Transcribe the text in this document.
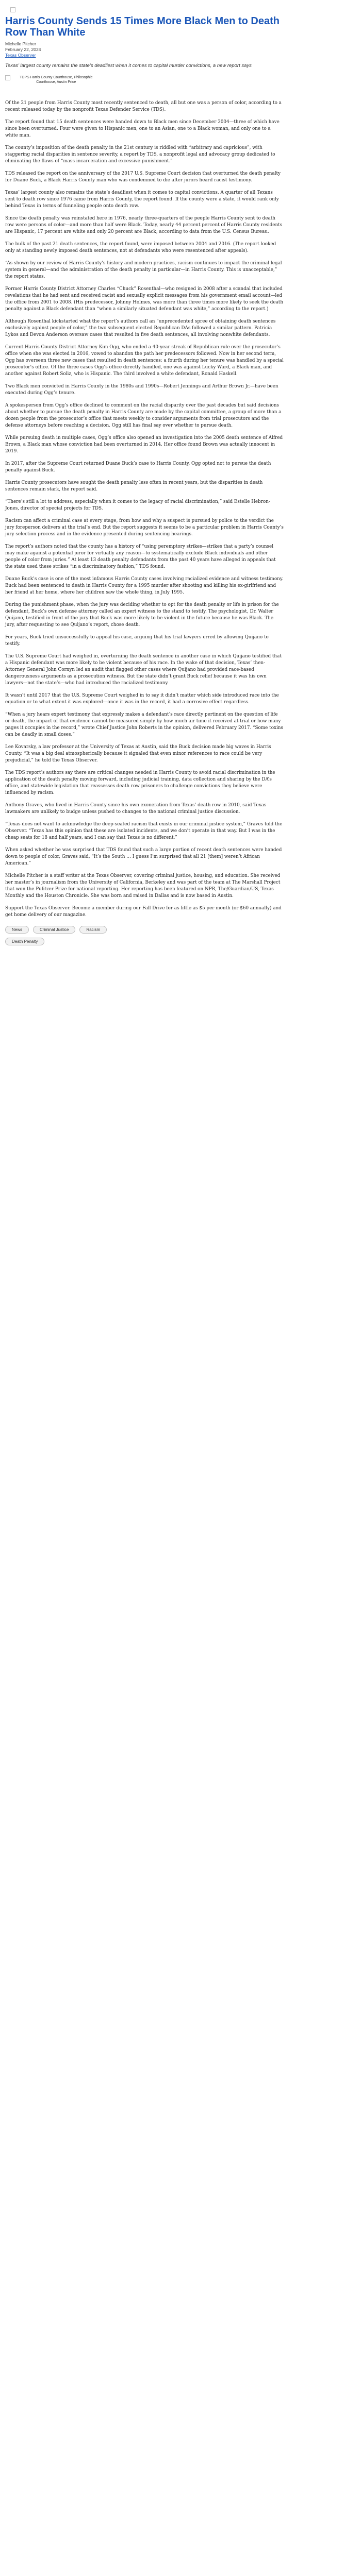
Harris County Sends 15 Times More Black Men to Death Row Than White
Michelle Pitcher
February 22, 2024
Texas Observer
Texas’ largest county remains the state’s deadliest when it comes to capital murder convictions, a new report says
TDPS Harris County Courthouse, Philosophie
Courthouse, Austin Price

Of the 21 people from Harris County most recently sentenced to death, all but one was a person of color, according to a recent released today by the nonprofit Texas Defender Service (TDS).

The report found that 15 death sentences were handed down to Black men since December 2004—three of which have since been overturned. Four were given to Hispanic men, one to an Asian, one to a Black woman, and only one to a white man.

The county’s imposition of the death penalty in the 21st century is riddled with “arbitrary and capricious”, with staggering racial disparities in sentence severity, a report by TDS, a nonprofit legal and advocacy group dedicated to eliminating the flaws of “mass incarceration and excessive punishment.”

TDS released the report on the anniversary of the 2017 U.S. Supreme Court decision that overturned the death penalty for Duane Buck, a Black Harris County man who was condemned to die after jurors heard racist testimony.

Texas’ largest county also remains the state’s deadliest when it comes to capital convictions. A quarter of all Texans sent to death row since 1976 came from Harris County, the report found. If the county were a state, it would rank only behind Texas in terms of funneling people onto death row.

Since the death penalty was reinstated here in 1976, nearly three-quarters of the people Harris County sent to death row were persons of color—and more than half were Black. Today, nearly 44 percent percent of Harris County residents are Hispanic, 17 percent are white and only 20 percent are Black, according to data from the U.S. Census Bureau.

The bulk of the past 21 death sentences, the report found, were imposed between 2004 and 2016. (The report looked only at standing newly imposed death sentences, not at defendants who were resentenced after appeals).

“As shown by our review of Harris County’s history and modern practices, racism continues to impact the criminal legal system in general—and the administration of the death penalty in particular—in Harris County. This is unacceptable,” the report states.

Former Harris County District Attorney Charles “Chuck” Rosenthal—who resigned in 2008 after a scandal that included revelations that he had sent and received racist and sexually explicit messages from his government email account—led the office from 2001 to 2008. (His predecessor, Johnny Holmes, was more than three times more likely to seek the death penalty against a Black defendant than “when a similarly situated defendant was white,” according to the report.)

Although Rosenthal kickstarted what the report’s authors call an “unprecedented spree of obtaining death sentences exclusively against people of color,” the two subsequent elected Republican DAs followed a similar pattern. Patricia Lykos and Devon Anderson oversaw cases that resulted in five death sentences, all involving nonwhite defendants.

Current Harris County District Attorney Kim Ogg, who ended a 40-year streak of Republican rule over the prosecutor’s office when she was elected in 2016, vowed to abandon the path her predecessors followed. Now in her second term, Ogg has overseen three new cases that resulted in death sentences; a fourth during her tenure was handled by a special prosecutor’s office. Of the three cases Ogg’s office directly handled, one was against Lucky Ward, a Black man, and another against Robert Soliz, who is Hispanic. The third involved a white defendant, Ronald Haskell.

Two Black men convicted in Harris County in the 1980s and 1990s—Robert Jennings and Arthur Brown Jr.—have been executed during Ogg’s tenure.

A spokesperson from Ogg’s office declined to comment on the racial disparity over the past decades but said decisions about whether to pursue the death penalty in Harris County are made by the capital committee, a group of more than a dozen people from the prosecutor’s office that meets weekly to consider arguments from trial prosecutors and the defense attorneys before reaching a decision. Ogg still has final say over whether to pursue death.

While pursuing death in multiple cases, Ogg’s office also opened an investigation into the 2005 death sentence of Alfred Brown, a Black man whose conviction had been overturned in 2014. Her office found Brown was actually innocent in 2019.

In 2017, after the Supreme Court returned Duane Buck’s case to Harris County, Ogg opted not to pursue the death penalty against Buck.

Harris County prosecutors have sought the death penalty less often in recent years, but the disparities in death sentences remain stark, the report said.

“There’s still a lot to address, especially when it comes to the legacy of racial discrimination,” said Estelle Hebron-Jones, director of special projects for TDS.

Racism can affect a criminal case at every stage, from how and why a suspect is pursued by police to the verdict the jury foreperson delivers at the trial’s end. But the report suggests it seems to be a particular problem in Harris County’s jury selection process and in the evidence presented during sentencing hearings.

The report’s authors noted that the county has a history of “using peremptory strikes—strikes that a party’s counsel may make against a potential juror for virtually any reason—to systematically exclude Black individuals and other people of color from juries.” At least 13 death penalty defendants from the past 40 years have alleged in appeals that the state used these strikes “in a discriminatory fashion,” TDS found.

Duane Buck’s case is one of the most infamous Harris County cases involving racialized evidence and witness testimony. Buck had been sentenced to death in Harris County for a 1995 murder after shooting and killing his ex-girlfriend and her friend at her home, where her children saw the whole thing, in July 1995.

During the punishment phase, when the jury was deciding whether to opt for the death penalty or life in prison for the defendant, Buck’s own defense attorney called an expert witness to the stand to testify. The psychologist, Dr. Walter Quijano, testified in front of the jury that Buck was more likely to be violent in the future because he was Black. The jury, after requesting to see Quijano’s report, chose death.

For years, Buck tried unsuccessfully to appeal his case, arguing that his trial lawyers erred by allowing Quijano to testify.

The U.S. Supreme Court had weighed in, overturning the death sentence in another case in which Quijano testified that a Hispanic defendant was more likely to be violent because of his race. In the wake of that decision, Texas’ then-Attorney General John Cornyn led an audit that flagged other cases where Quijano had provided race-based dangerousness arguments as a prosecution witness. But the state didn’t grant Buck relief because it was his own lawyers—not the state’s—who had introduced the racialized testimony.

It wasn’t until 2017 that the U.S. Supreme Court weighed in to say it didn’t matter which side introduced race into the equation or to what extent it was explored—once it was in the record, it had a corrosive effect regardless.

“When a jury hears expert testimony that expressly makes a defendant’s race directly pertinent on the question of life or death, the impact of that evidence cannot be measured simply by how much air time it received at trial or how many pages it occupies in the record,” wrote Chief Justice John Roberts in the opinion, delivered February 2017. “Some toxins can be deadly in small doses.”

Lee Kovarsky, a law professor at the University of Texas at Austin, said the Buck decision made big waves in Harris County. “It was a big deal atmospherically because it signaled that even minor references to race could be very prejudicial,” he told the Texas Observer.

The TDS report’s authors say there are critical changes needed in Harris County to avoid racial discrimination in the application of the death penalty moving forward, including judicial training, data collection and sharing by the DA’s office, and statewide legislation that reassesses death row prisoners to challenge convictions they believe were influenced by racism.

Anthony Graves, who lived in Harris County since his own exoneration from Texas’ death row in 2010, said Texas lawmakers are unlikely to budge unless pushed to changes to the national criminal justice discussion.

“Texas does not want to acknowledge the deep-seated racism that exists in our criminal justice system,” Graves told the Observer. “Texas has this opinion that these are isolated incidents, and we don’t operate in that way. But I was in the cheap seats for 18 and half years, and I can say that Texas is no different.”

When asked whether he was surprised that TDS found that such a large portion of recent death sentences were handed down to people of color, Graves said, “It’s the South … I guess I’m surprised that all 21 [them] weren’t African American.”

Michelle Pitcher is a staff writer at the Texas Observer, covering criminal justice, housing, and education. She received her master’s in journalism from the University of California, Berkeley and was part of the team at The Marshall Project that won the Pulitzer Prize for national reporting. Her reporting has been featured on NPR, The/Guardian/US, Texas Monthly and the Houston Chronicle. She was born and raised in Dallas and is now based in Austin.

Support the Texas Observer. Become a member during our Fall Drive for as little as $5 per month (or $60 annually) and get home delivery of our magazine.

News	Criminal Justice	Racism
Death Penalty
